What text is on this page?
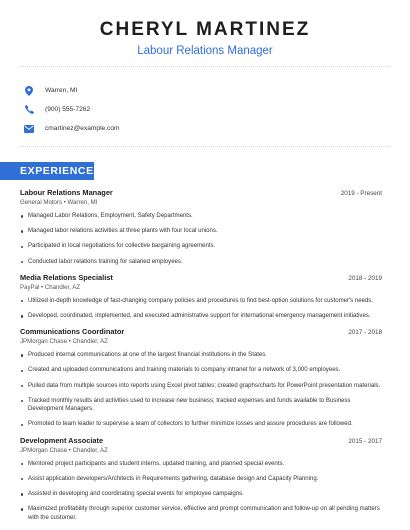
CHERYL MARTINEZ
Labour Relations Manager
Warren, MI
(900) 555-7262
cmartinez@example.com
EXPERIENCE
Labour Relations Manager	2019 - Present
General Motors • Warren, MI
Managed Labor Relations, Employment, Safety Departments.
Managed labor relations activities at three plants with four local unions.
Participated in local negotiations for collective bargaining agreements.
Conducted labor relations training for salaried employees.
Media Relations Specialist	2018 - 2019
PayPal • Chandler, AZ
Utilized in-depth knowledge of fast-changing company policies and procedures to find best-option solutions for customer's needs.
Developed, coordinated, implemented, and executed administrative support for international emergency management initiatives.
Communications Coordinator	2017 - 2018
JPMorgan Chase • Chandler, AZ
Produced internal communications at one of the largest financial institutions in the States.
Created and uploaded communications and training materials to company intranet for a network of 3,000 employees.
Pulled data from multiple sources into reports using Excel pivot tables; created graphs/charts for PowerPoint presentation materials.
Tracked monthly results and activities used to increase new business; tracked expenses and funds available to Business Development Managers.
Promoted to team leader to supervise a team of collectors to further minimize losses and assure procedures are followed.
Development Associate	2015 - 2017
JPMorgan Chase • Chandler, AZ
Mentored project participants and student interns, updated training, and planned special events.
Assist application developers/Architects in Requirements gathering, database design and Capacity Planning.
Assisted in developing and coordinating special events for employee campaigns.
Maximized profitability through superior customer service, effective and prompt communication and follow-up on all pending matters with the customer.
